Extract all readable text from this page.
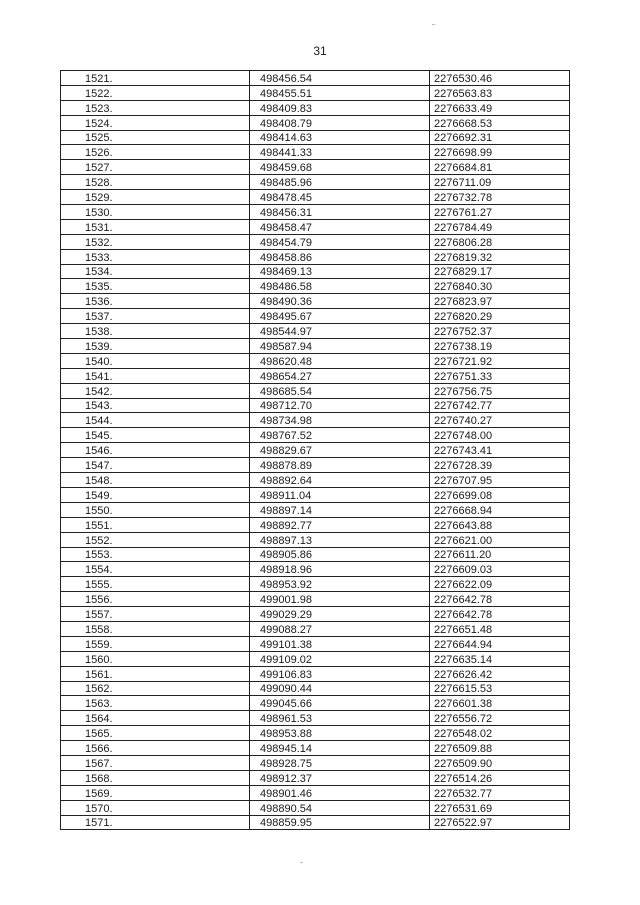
31
1521.	498456.54	2276530.46
1522.	498455.51	2276563.83
1523.	498409.83	2276633.49
1524.	498408.79	2276668.53
1525.	498414.63	2276692.31
1526.	498441.33	2276698.99
1527.	498459.68	2276684.81
1528.	498485.96	2276711.09
1529.	498478.45	2276732.78
1530.	498456.31	2276761.27
1531.	498458.47	2276784.49
1532.	498454.79	2276806.28
1533.	498458.86	2276819.32
1534.	498469.13	2276829.17
1535.	498486.58	2276840.30
1536.	498490.36	2276823.97
1537.	498495.67	2276820.29
1538.	498544.97	2276752.37
1539.	498587.94	2276738.19
1540.	498620.48	2276721.92
1541.	498654.27	2276751.33
1542.	498685.54	2276756.75
1543.	498712.70	2276742.77
1544.	498734.98	2276740.27
1545.	498767.52	2276748.00
1546.	498829.67	2276743.41
1547.	498878.89	2276728.39
1548.	498892.64	2276707.95
1549.	498911.04	2276699.08
1550.	498897.14	2276668.94
1551.	498892.77	2276643.88
1552.	498897.13	2276621.00
1553.	498905.86	2276611.20
1554.	498918.96	2276609.03
1555.	498953.92	2276622.09
1556.	499001.98	2276642.78
1557.	499029.29	2276642.78
1558.	499088.27	2276651.48
1559.	499101.38	2276644.94
1560.	499109.02	2276635.14
1561.	499106.83	2276626.42
1562.	499090.44	2276615.53
1563.	499045.66	2276601.38
1564.	498961.53	2276556.72
1565.	498953.88	2276548.02
1566.	498945.14	2276509.88
1567.	498928.75	2276509.90
1568.	498912.37	2276514.26
1569.	498901.46	2276532.77
1570.	498890.54	2276531.69
1571.	498859.95	2276522.97
